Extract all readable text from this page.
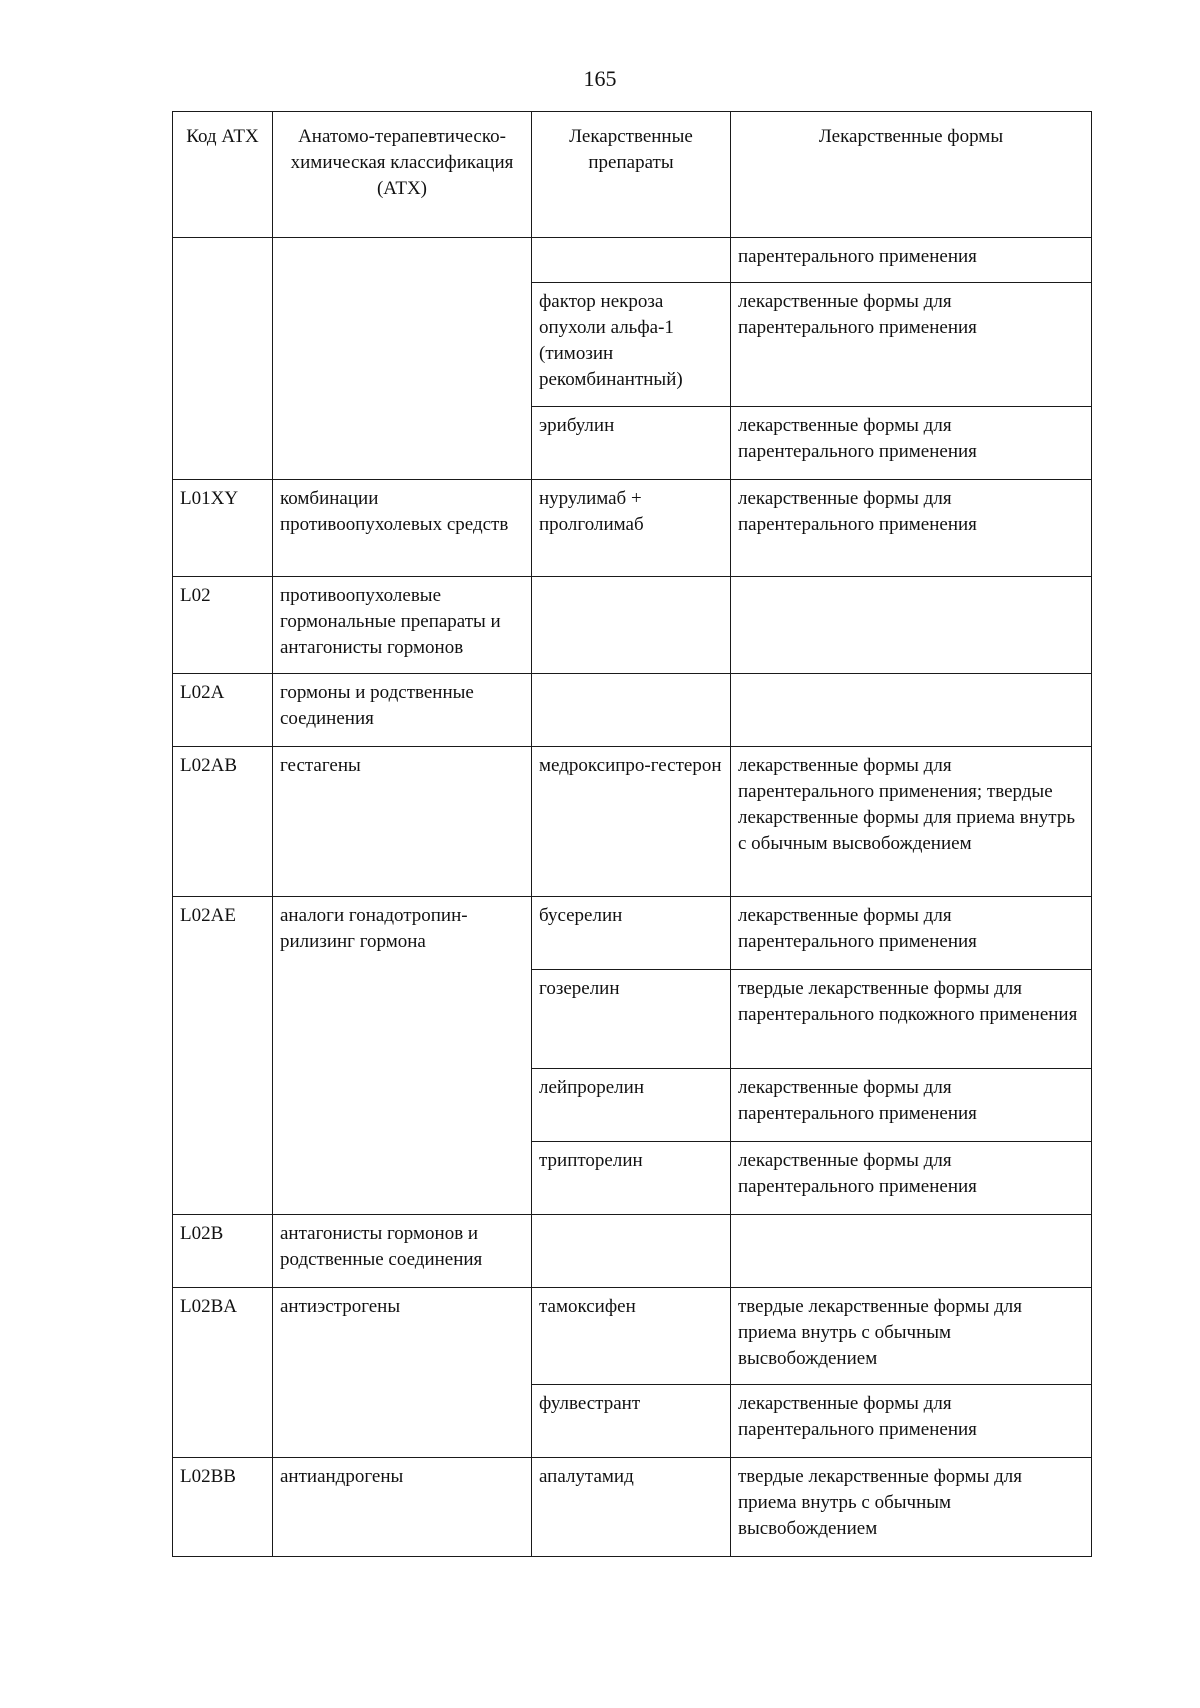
165
Код АТХ	Анатомо-терапевтическо-химическая классификация (АТХ)	Лекарственные препараты	Лекарственные формы
			парентерального применения
		фактор некроза опухоли альфа-1 (тимозин рекомбинантный)	лекарственные формы для парентерального применения
		эрибулин	лекарственные формы для парентерального применения
L01XY	комбинации противоопухолевых средств	нурулимаб + пролголимаб	лекарственные формы для парентерального применения
L02	противоопухолевые гормональные препараты и антагонисты гормонов		
L02A	гормоны и родственные соединения		
L02AB	гестагены	медроксипро-гестерон	лекарственные формы для парентерального применения; твердые лекарственные формы для приема внутрь с обычным высвобождением
L02AE	аналоги гонадотропин-рилизинг гормона	бусерелин	лекарственные формы для парентерального применения
		гозерелин	твердые лекарственные формы для парентерального подкожного применения
		лейпрорелин	лекарственные формы для парентерального применения
		трипторелин	лекарственные формы для парентерального применения
L02B	антагонисты гормонов и родственные соединения		
L02BA	антиэстрогены	тамоксифен	твердые лекарственные формы для приема внутрь с обычным высвобождением
		фулвестрант	лекарственные формы для парентерального применения
L02BB	антиандрогены	апалутамид	твердые лекарственные формы для приема внутрь с обычным высвобождением
